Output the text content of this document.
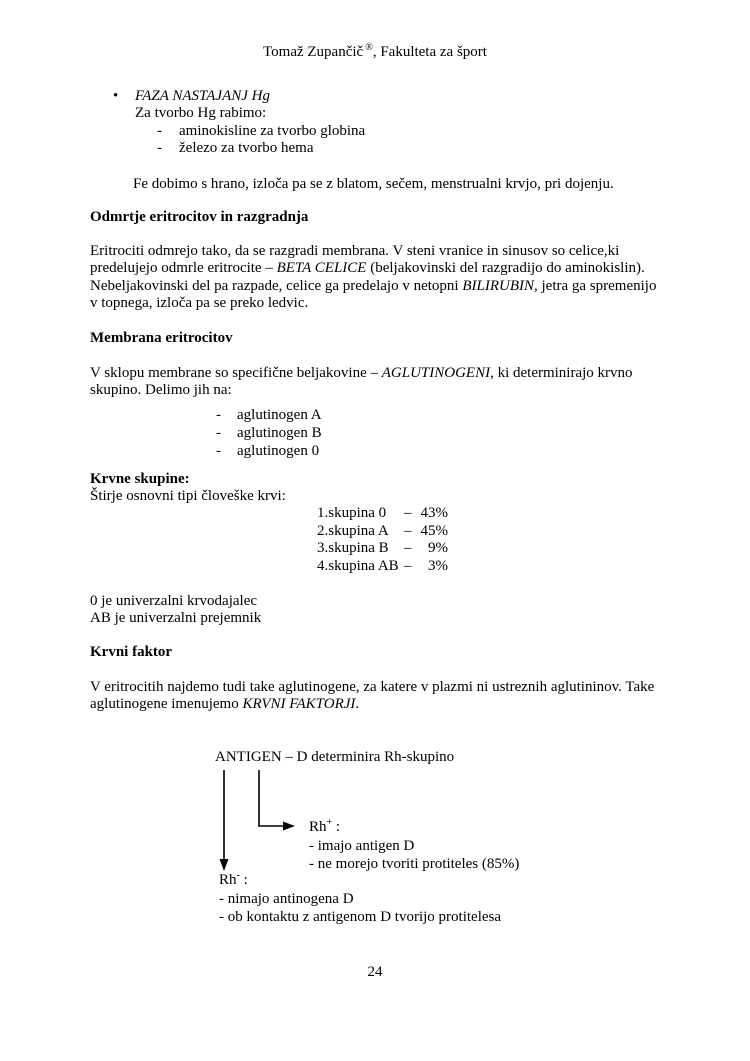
Tomaž Zupančič ®, Fakulteta za šport
• FAZA NASTAJANJ Hg
Za tvorbo Hg rabimo:
- aminokisline za tvorbo globina
- železo za tvorbo hema
Fe dobimo s hrano, izloča pa se z blatom, sečem, menstrualni krvjo, pri dojenju.
Odmrtje eritrocitov in razgradnja
Eritrociti odmrejo tako, da se razgradi membrana. V steni vranice in sinusov so celice,ki predelujejo odmrle eritrocite – BETA CELICE (beljakovinski del razgradijo do aminokislin). Nebeljakovinski del pa razpade, celice ga predelajo v netopni BILIRUBIN, jetra ga spremenijo v topnega, izloča pa se preko ledvic.
Membrana eritrocitov
V sklopu membrane so specifične beljakovine – AGLUTINOGENI, ki determinirajo krvno skupino. Delimo jih na:
- aglutinogen A
- aglutinogen B
- aglutinogen 0
Krvne skupine:
Štirje osnovni tipi človeške krvi:
1.skupina 0 – 43%
2.skupina A – 45%
3.skupina B – 9%
4.skupina AB – 3%
0 je univerzalni krvodajalec
AB je univerzalni prejemnik
Krvni faktor
V eritrocitih najdemo tudi take aglutinogene, za katere v plazmi ni ustreznih aglutininov. Take aglutinogene imenujemo KRVNI FAKTORJI.
ANTIGEN – D determinira Rh-skupino
Rh+ :
- imajo antigen D
- ne morejo tvoriti protiteles (85%)
Rh- :
- nimajo antinogena D
- ob kontaktu z antigenom D tvorijo protitelesa
24
